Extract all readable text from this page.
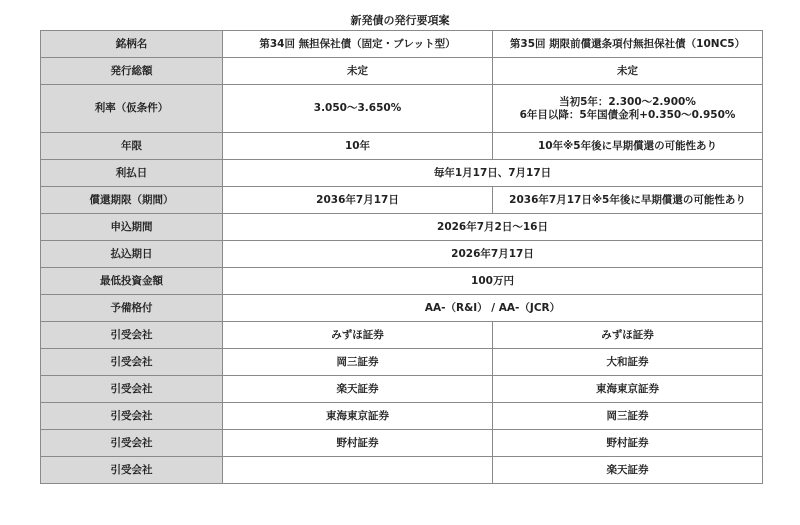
新発債の発行要項案
銘柄名	第34回 無担保社債（固定・ブレット型）	第35回 期限前償還条項付無担保社債（10NC5）
発行総額	未定	未定
利率（仮条件）	3.050～3.650%	当初5年：2.300～2.900%
6年目以降：5年国債金利+0.350～0.950%

年限	10年	10年※5年後に早期償還の可能性あり
利払日	毎年1月17日、7月17日	
償還期限（期間）	2036年7月17日	2036年7月17日※5年後に早期償還の可能性あり
申込期間	2026年7月2日～16日	
払込期日	2026年7月17日	
最低投資金額	100万円	
予備格付	AA-（R&I） / AA-（JCR）	
引受会社	みずほ証券	みずほ証券
引受会社	岡三証券	大和証券
引受会社	楽天証券	東海東京証券
引受会社	東海東京証券	岡三証券
引受会社	野村証券	野村証券
引受会社		楽天証券
